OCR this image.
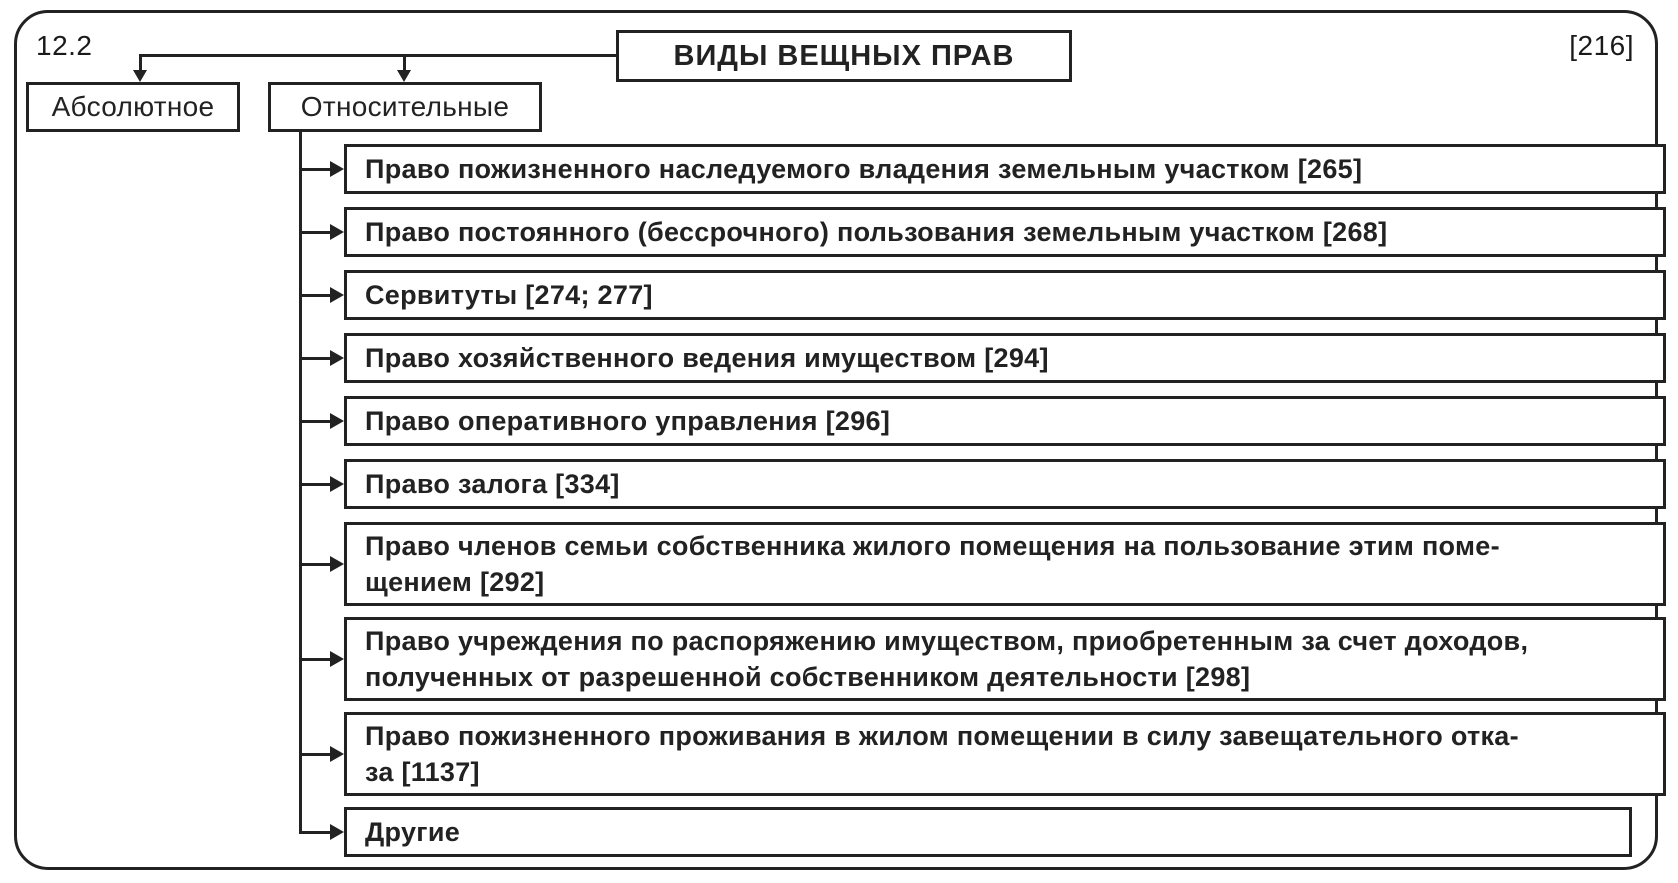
12.2	[216]
ВИДЫ ВЕЩНЫХ ПРАВ
Абсолютное	Относительные
Право пожизненного наследуемого владения земельным участком [265]
Право постоянного (бессрочного) пользования земельным участком [268]
Сервитуты [274; 277]
Право хозяйственного ведения имуществом [294]
Право оперативного управления [296]
Право залога [334]
Право членов семьи собственника жилого помещения на пользование этим поме-
щением [292]
Право учреждения по распоряжению имуществом, приобретенным за счет доходов,
полученных от разрешенной собственником деятельности [298]
Право пожизненного проживания в жилом помещении в силу завещательного отка-
за [1137]
Другие
